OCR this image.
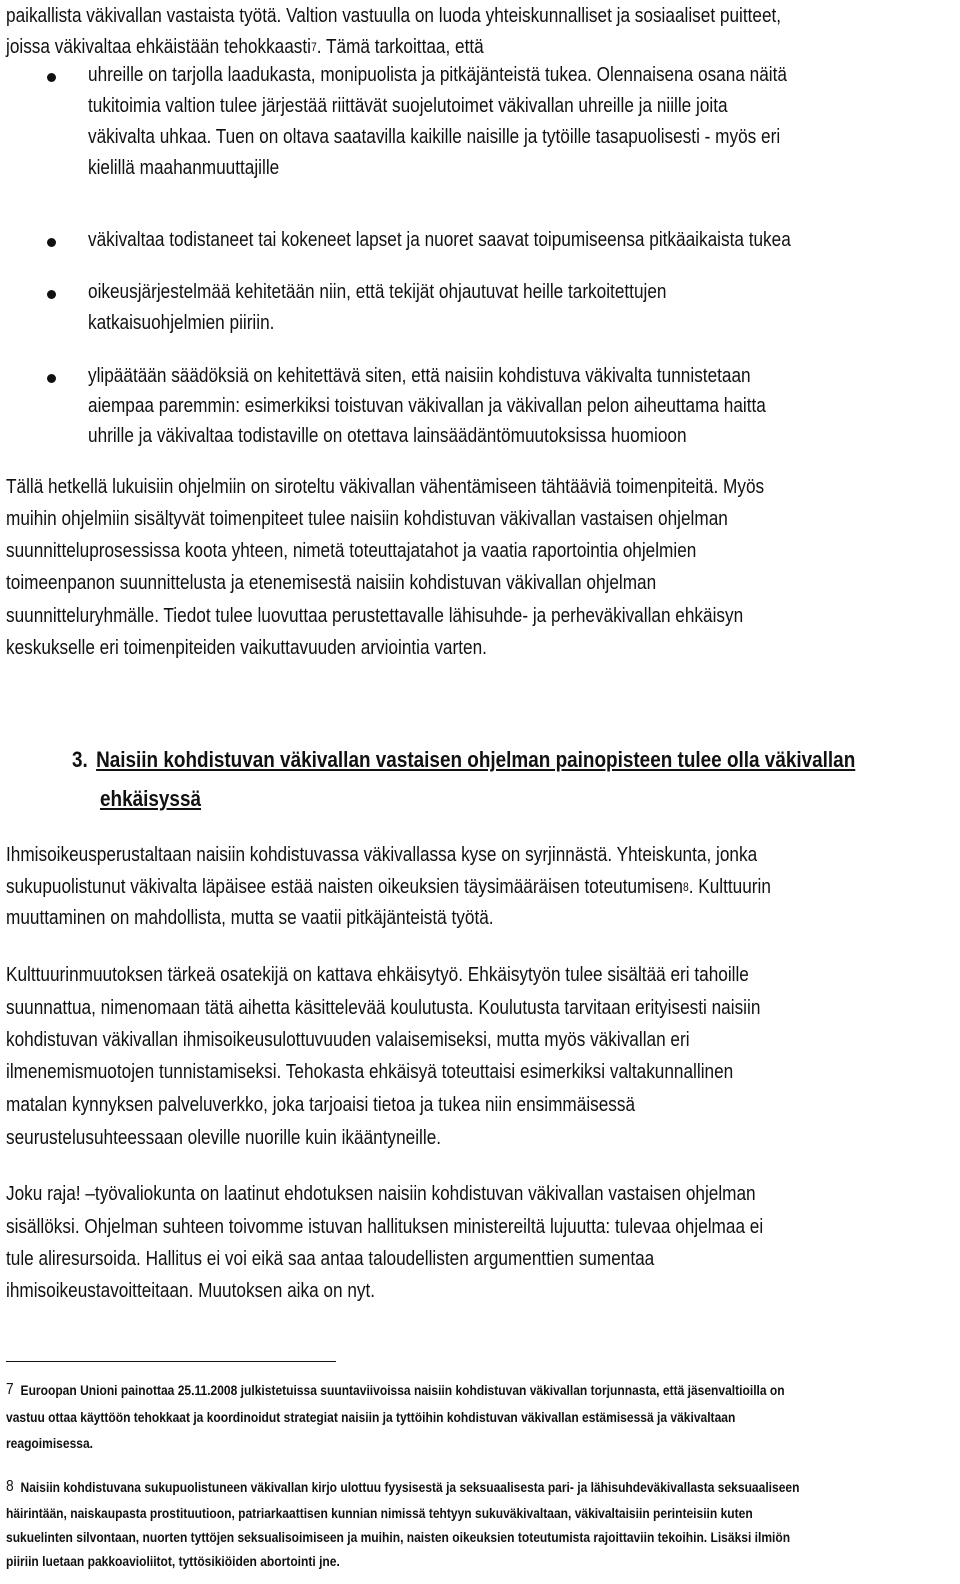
paikallista väkivallan vastaista työtä. Valtion vastuulla on luoda yhteiskunnalliset ja sosiaaliset puitteet,
joissa väkivaltaa ehkäistään tehokkaasti$^7$. Tämä tarkoittaa, että
uhreille on tarjolla laadukasta, monipuolista ja pitkäjänteistä tukea. Olennaisena osana näitä
tukitoimia valtion tulee järjestää riittävät suojelutoimet väkivallan uhreille ja niille joita
väkivalta uhkaa. Tuen on oltava saatavilla kaikille naisille ja tytöille tasapuolisesti - myös eri
kielillä maahanmuuttajille
väkivaltaa todistaneet tai kokeneet lapset ja nuoret saavat toipumiseensa pitkäaikaista tukea
oikeusjärjestelmää kehitetään niin, että tekijät ohjautuvat heille tarkoitettujen
katkaisuohjelmien piiriin.
ylipäätään säädöksiä on kehitettävä siten, että naisiin kohdistuva väkivalta tunnistetaan
aiempaa paremmin: esimerkiksi toistuvan väkivallan ja väkivallan pelon aiheuttama haitta
uhrille ja väkivaltaa todistaville on otettava lainsäädäntömuutoksissa huomioon
Tällä hetkellä lukuisiin ohjelmiin on siroteltu väkivallan vähentämiseen tähtääviä toimenpiteitä. Myös
muihin ohjelmiin sisältyvät toimenpiteet tulee naisiin kohdistuvan väkivallan vastaisen ohjelman
suunnitteluprosessissa koota yhteen, nimetä toteuttajatahot ja vaatia raportointia ohjelmien
toimeenpanon suunnittelusta ja etenemisestä naisiin kohdistuvan väkivallan ohjelman
suunnitteluryhmälle. Tiedot tulee luovuttaa perustettavalle lähisuhde- ja perheväkivallan ehkäisyn
keskukselle eri toimenpiteiden vaikuttavuuden arviointia varten.
3. Naisiin kohdistuvan väkivallan vastaisen ohjelman painopisteen tulee olla väkivallan
ehkäisyssä
Ihmisoikeusperustaltaan naisiin kohdistuvassa väkivallassa kyse on syrjinnästä. Yhteiskunta, jonka
sukupuolistunut väkivalta läpäisee estää naisten oikeuksien täysimääräisen toteutumisen$^8$. Kulttuurin
muuttaminen on mahdollista, mutta se vaatii pitkäjänteistä työtä.
Kulttuurinmuutoksen tärkeä osatekijä on kattava ehkäisytyö. Ehkäisytyön tulee sisältää eri tahoille
suunnattua, nimenomaan tätä aihetta käsittelevää koulutusta. Koulutusta tarvitaan erityisesti naisiin
kohdistuvan väkivallan ihmisoikeusulottuvuuden valaisemiseksi, mutta myös väkivallan eri
ilmenemismuotojen tunnistamiseksi. Tehokasta ehkäisyä toteuttaisi esimerkiksi valtakunnallinen
matalan kynnyksen palveluverkko, joka tarjoaisi tietoa ja tukea niin ensimmäisessä
seurustelusuhteessaan oleville nuorille kuin ikääntyneille.
Joku raja! –työvaliokunta on laatinut ehdotuksen naisiin kohdistuvan väkivallan vastaisen ohjelman
sisällöksi. Ohjelman suhteen toivomme istuvan hallituksen ministereiltä lujuutta: tulevaa ohjelmaa ei
tule aliresursoida. Hallitus ei voi eikä saa antaa taloudellisten argumenttien sumentaa
ihmisoikeustavoitteitaan. Muutoksen aika on nyt.
7 Euroopan Unioni painottaa 25.11.2008 julkistetuissa suuntaviivoissa naisiin kohdistuvan väkivallan torjunnasta, että jäsenvaltioilla on
vastuu ottaa käyttöön tehokkaat ja koordinoidut strategiat naisiin ja tyttöihin kohdistuvan väkivallan estämisessä ja väkivaltaan
reagoimisessa.
8 Naisiin kohdistuvana sukupuolistuneen väkivallan kirjo ulottuu fyysisestä ja seksuaalisesta pari- ja lähisuhdeväkivallasta seksuaaliseen
häirintään, naiskaupasta prostituutioon, patriarkaattisen kunnian nimissä tehtyyn sukuväkivaltaan, väkivaltaisiin perinteisiin kuten
sukuelinten silvontaan, nuorten tyttöjen seksualisoimiseen ja muihin, naisten oikeuksien toteutumista rajoittaviin tekoihin. Lisäksi ilmiön
piiriin luetaan pakkoavioliitot, tyttösikiöiden abortointi jne.
